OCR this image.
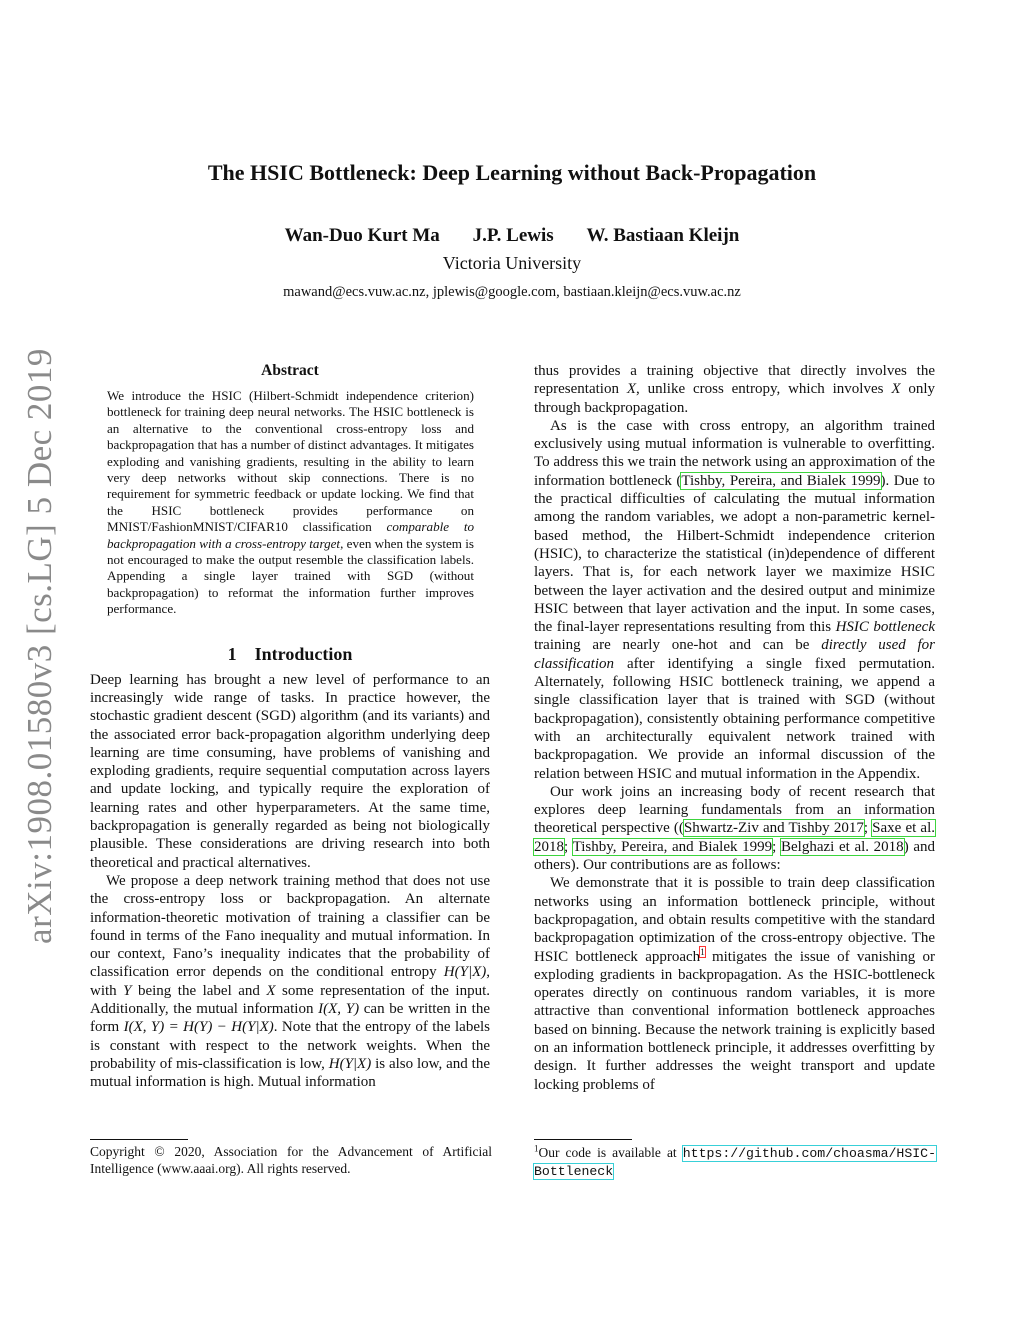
arXiv:1908.01580v3 [cs.LG] 5 Dec 2019
The HSIC Bottleneck: Deep Learning without Back-Propagation
Wan-Duo Kurt Ma J.P. Lewis W. Bastiaan Kleijn
Victoria University
mawand@ecs.vuw.ac.nz, jplewis@google.com, bastiaan.kleijn@ecs.vuw.ac.nz
Abstract
We introduce the HSIC (Hilbert-Schmidt independence criterion) bottleneck for training deep neural networks. The HSIC bottleneck is an alternative to the conventional cross-entropy loss and backpropagation that has a number of distinct advantages. It mitigates exploding and vanishing gradients, resulting in the ability to learn very deep networks without skip connections. There is no requirement for symmetric feedback or update locking. We find that the HSIC bottleneck provides performance on MNIST/FashionMNIST/CIFAR10 classification comparable to backpropagation with a cross-entropy target, even when the system is not encouraged to make the output resemble the classification labels. Appending a single layer trained with SGD (without backpropagation) to reformat the information further improves performance.
1 Introduction

Deep learning has brought a new level of performance to an increasingly wide range of tasks. In practice however, the stochastic gradient descent (SGD) algorithm (and its variants) and the associated error back-propagation algorithm underlying deep learning are time consuming, have problems of vanishing and exploding gradients, require sequential computation across layers and update locking, and typically require the exploration of learning rates and other hyperparameters. At the same time, backpropagation is generally regarded as being not biologically plausible. These considerations are driving research into both theoretical and practical alternatives.

We propose a deep network training method that does not use the cross-entropy loss or backpropagation. An alternate information-theoretic motivation of training a classifier can be found in terms of the Fano inequality and mutual information. In our context, Fano’s inequality indicates that the probability of classification error depends on the conditional entropy H(Y|X), with Y being the label and X some representation of the input. Additionally, the mutual information I(X, Y) can be written in the form I(X, Y) = H(Y) − H(Y|X). Note that the entropy of the labels is constant with respect to the network weights. When the probability of mis-classification is low, H(Y|X) is also low, and the mutual information is high. Mutual information

thus provides a training objective that directly involves the representation X, unlike cross entropy, which involves X only through backpropagation.

As is the case with cross entropy, an algorithm trained exclusively using mutual information is vulnerable to overfitting. To address this we train the network using an approximation of the information bottleneck (Tishby, Pereira, and Bialek 1999). Due to the practical difficulties of calculating the mutual information among the random variables, we adopt a non-parametric kernel-based method, the Hilbert-Schmidt independence criterion (HSIC), to characterize the statistical (in)dependence of different layers. That is, for each network layer we maximize HSIC between the layer activation and the desired output and minimize HSIC between that layer activation and the input. In some cases, the final-layer representations resulting from this HSIC bottleneck training are nearly one-hot and can be directly used for classification after identifying a single fixed permutation. Alternately, following HSIC bottleneck training, we append a single classification layer that is trained with SGD (without backpropagation), consistently obtaining performance competitive with an architecturally equivalent network trained with backpropagation. We provide an informal discussion of the relation between HSIC and mutual information in the Appendix.

Our work joins an increasing body of recent research that explores deep learning fundamentals from an information theoretical perspective ((Shwartz-Ziv and Tishby 2017; Saxe et al. 2018; Tishby, Pereira, and Bialek 1999; Belghazi et al. 2018) and others). Our contributions are as follows:

We demonstrate that it is possible to train deep classification networks using an information bottleneck principle, without backpropagation, and obtain results competitive with the standard backpropagation optimization of the cross-entropy objective. The HSIC bottleneck approach$^1$ mitigates the issue of vanishing or exploding gradients in backpropagation. As the HSIC-bottleneck operates directly on continuous random variables, it is more attractive than conventional information bottleneck approaches based on binning. Because the network training is explicitly based on an information bottleneck principle, it addresses overfitting by design. It further addresses the weight transport and update locking problems of

Copyright © 2020, Association for the Advancement of Artificial Intelligence (www.aaai.org). All rights reserved.
$^1$Our code is available at https://github.com/choasma/HSIC-Bottleneck
